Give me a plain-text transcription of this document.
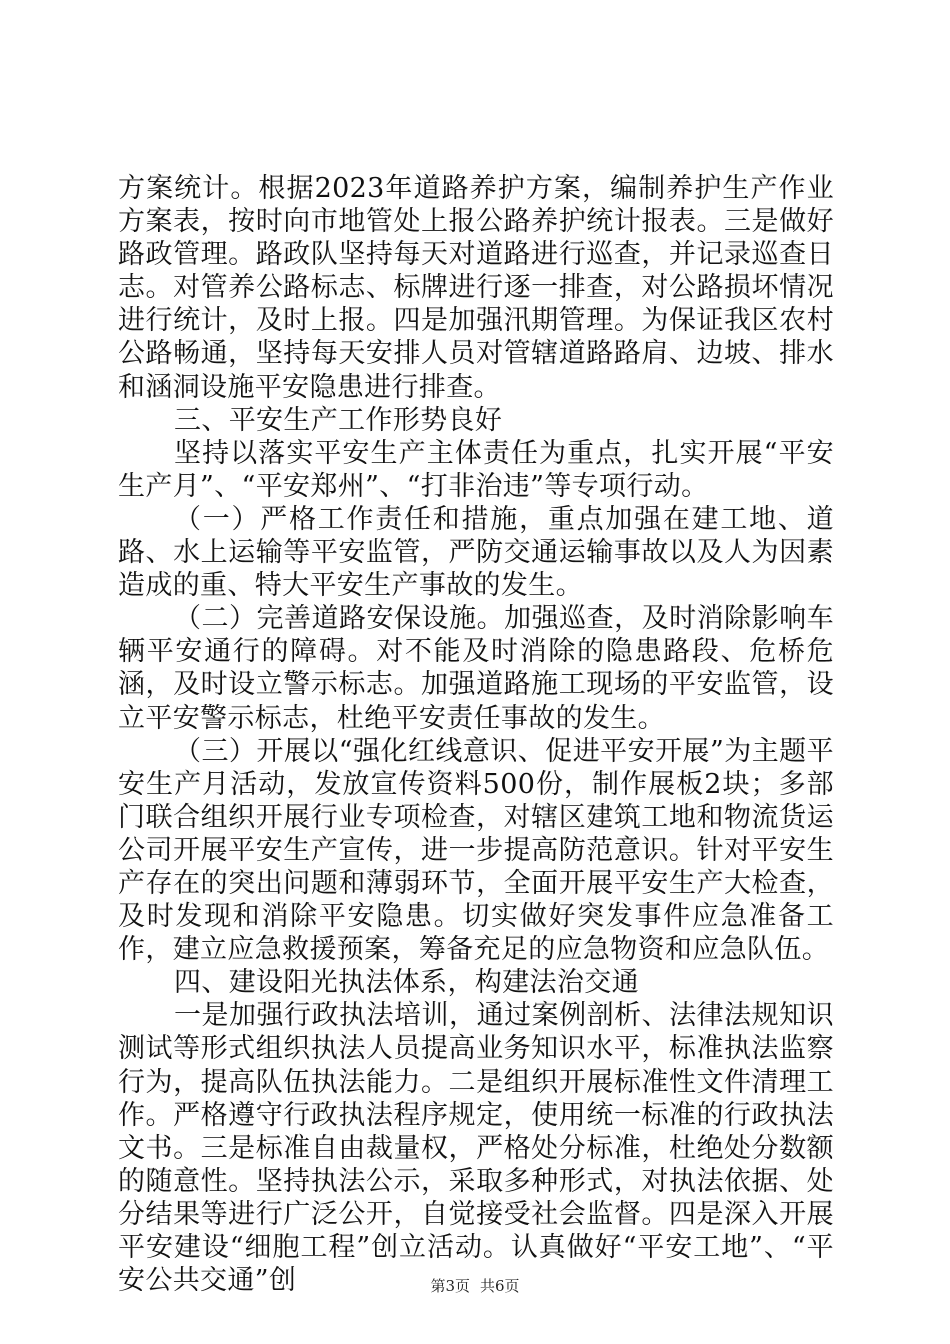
方案统计。根据2023年道路养护方案，编制养护生产作业方案表，按时向市地管处上报公路养护统计报表。三是做好路政管理。路政队坚持每天对道路进行巡查，并记录巡查日志。对管养公路标志、标牌进行逐一排查，对公路损坏情况进行统计，及时上报。四是加强汛期管理。为保证我区农村公路畅通，坚持每天安排人员对管辖道路路肩、边坡、排水和涵洞设施平安隐患进行排查。

三、平安生产工作形势良好

坚持以落实平安生产主体责任为重点，扎实开展“平安生产月”、“平安郑州”、“打非治违”等专项行动。

（一）严格工作责任和措施，重点加强在建工地、道路、水上运输等平安监管，严防交通运输事故以及人为因素造成的重、特大平安生产事故的发生。

（二）完善道路安保设施。加强巡查，及时消除影响车辆平安通行的障碍。对不能及时消除的隐患路段、危桥危涵，及时设立警示标志。加强道路施工现场的平安监管，设立平安警示标志，杜绝平安责任事故的发生。

（三）开展以“强化红线意识、促进平安开展”为主题平安生产月活动，发放宣传资料500份，制作展板2块；多部门联合组织开展行业专项检查，对辖区建筑工地和物流货运公司开展平安生产宣传，进一步提高防范意识。针对平安生产存在的突出问题和薄弱环节，全面开展平安生产大检查，及时发现和消除平安隐患。切实做好突发事件应急准备工作，建立应急救援预案，筹备充足的应急物资和应急队伍。

四、建设阳光执法体系，构建法治交通

一是加强行政执法培训，通过案例剖析、法律法规知识测试等形式组织执法人员提高业务知识水平，标准执法监察行为，提高队伍执法能力。二是组织开展标准性文件清理工作。严格遵守行政执法程序规定，使用统一标准的行政执法文书。三是标准自由裁量权，严格处分标准，杜绝处分数额的随意性。坚持执法公示，采取多种形式，对执法依据、处分结果等进行广泛公开，自觉接受社会监督。四是深入开展平安建设“细胞工程”创立活动。认真做好“平安工地”、“平安公共交通”创	第3页 共6页
